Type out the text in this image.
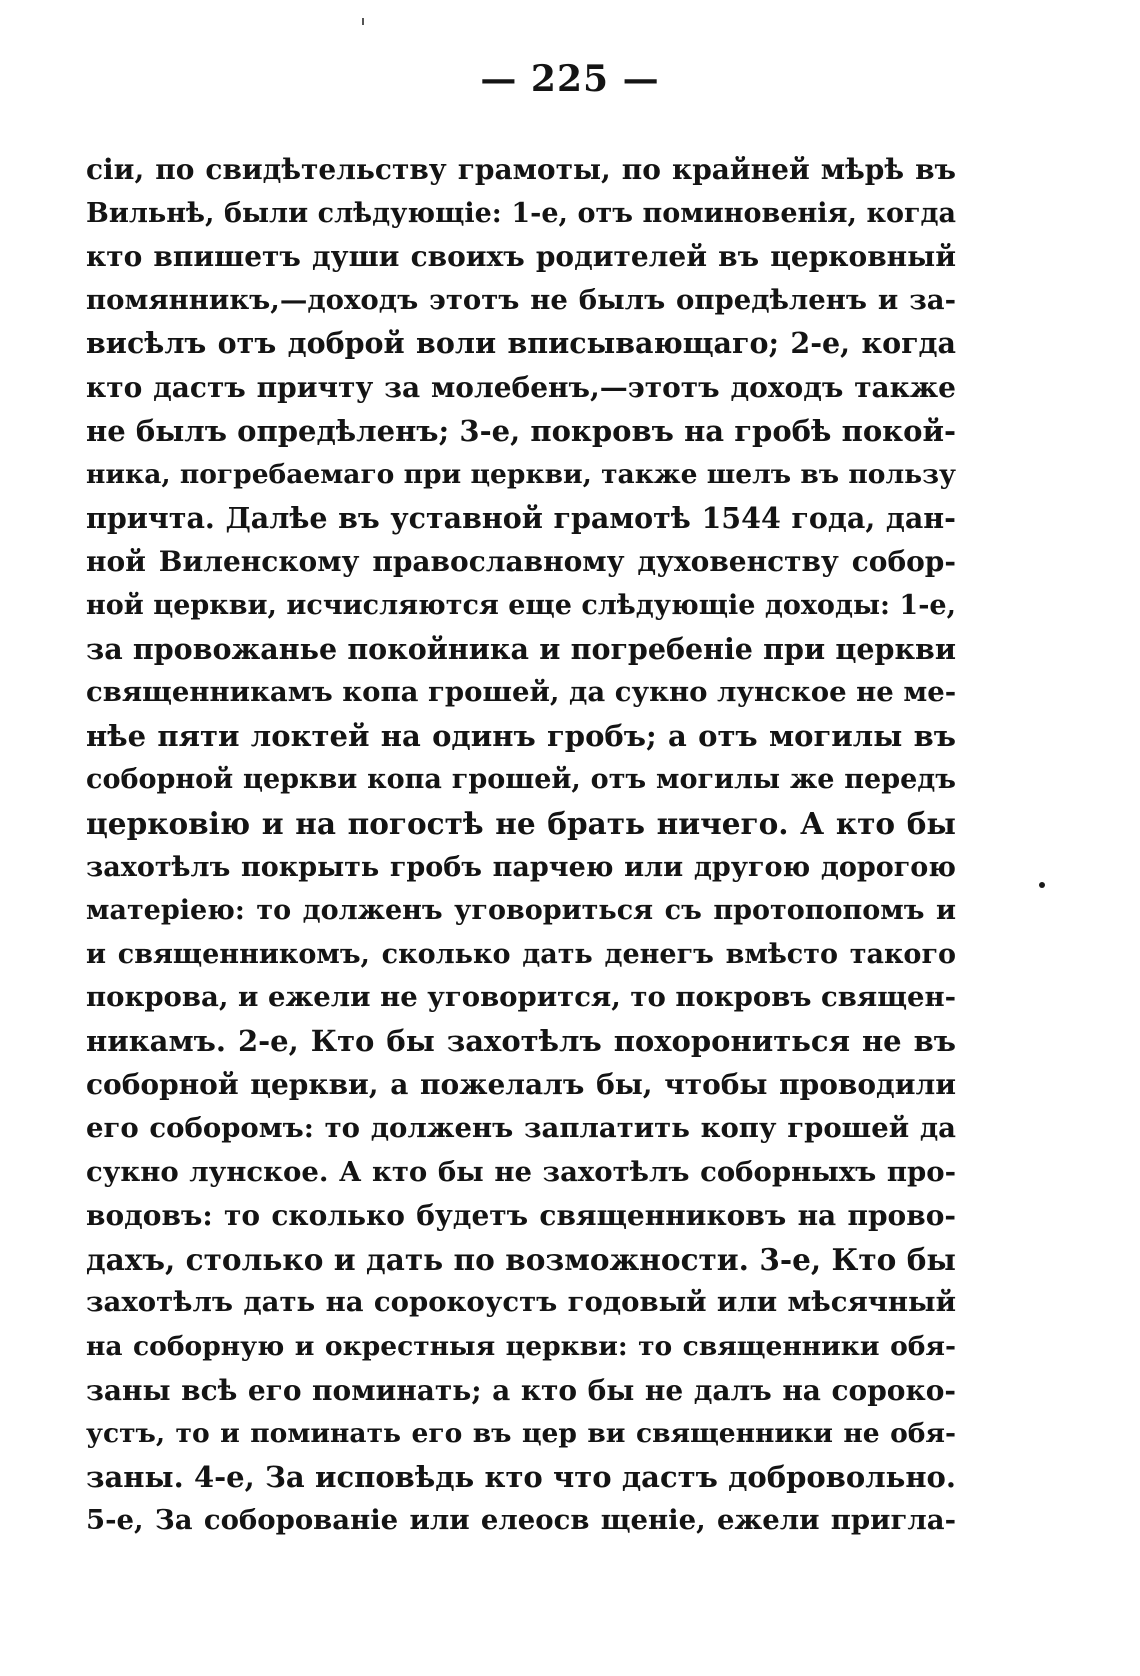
— 225 —
сіи, по свидѣтельству грамоты, по крайней мѣрѣ въ
Вильнѣ, были слѣдующіе: 1-е, отъ поминовенія, когда
кто впишетъ души своихъ родителей въ церковный
помянникъ,—доходъ этотъ не былъ опредѣленъ и за-
висѣлъ отъ доброй воли вписывающаго; 2-е, когда
кто дастъ причту за молебенъ,—этотъ доходъ также
не былъ опредѣленъ; 3-е, покровъ на гробѣ покой-
ника, погребаемаго при церкви, также шелъ въ пользу
причта. Далѣе въ уставной грамотѣ 1544 года, дан-
ной Виленскому православному духовенству собор-
ной церкви, исчисляются еще слѣдующіе доходы: 1-е,
за провожанье покойника и погребеніе при церкви
священникамъ копа грошей, да сукно лунское не ме-
нѣе пяти локтей на одинъ гробъ; а отъ могилы въ
соборной церкви копа грошей, отъ могилы же передъ
церковію и на погостѣ не брать ничего. А кто бы
захотѣлъ покрыть гробъ парчею или другою дорогою
матеріею: то долженъ уговориться съ протопопомъ и
и священникомъ, сколько дать денегъ вмѣсто такого
покрова, и ежели не уговорится, то покровъ священ-
никамъ. 2-е, Кто бы захотѣлъ похорониться не въ
соборной церкви, а пожелалъ бы, чтобы проводили
его соборомъ: то долженъ заплатить копу грошей да
сукно лунское. А кто бы не захотѣлъ соборныхъ про-
водовъ: то сколько будетъ священниковъ на прово-
дахъ, столько и дать по возможности. 3-е, Кто бы
захотѣлъ дать на сорокоустъ годовый или мѣсячный
на соборную и окрестныя церкви: то священники обя-
заны всѣ его поминать; а кто бы не далъ на сороко-
устъ, то и поминать его въ цер ви священники не обя-
заны. 4-е, За исповѣдь кто что дастъ добровольно.
5-е, За соборованіе или елеосв щеніе, ежели пригла-
